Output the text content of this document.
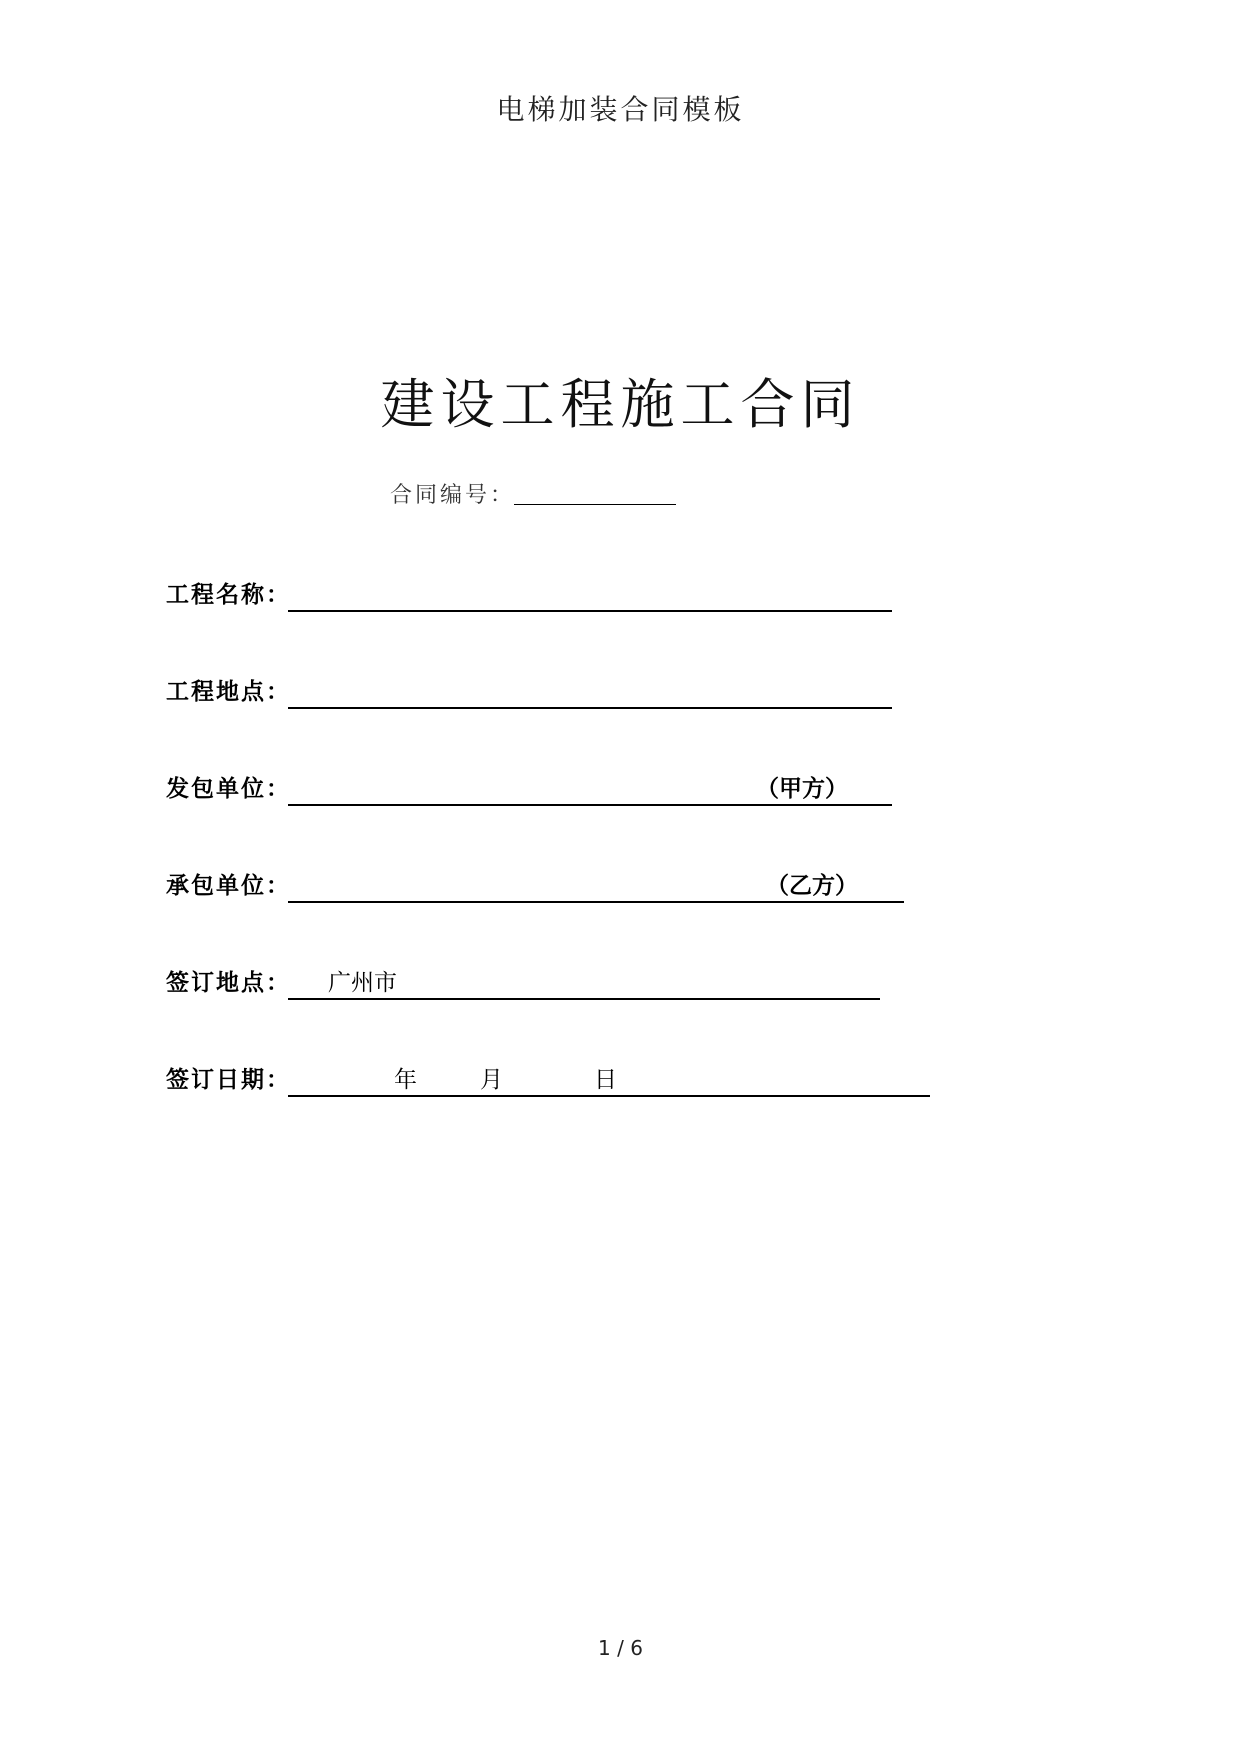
电梯加装合同模板
建设工程施工合同
合同编号：
工程名称：
工程地点：
发包单位：	（甲方）
承包单位：	（乙方）
签订地点： 广州市
签订日期：	年	月	日
1 / 6
